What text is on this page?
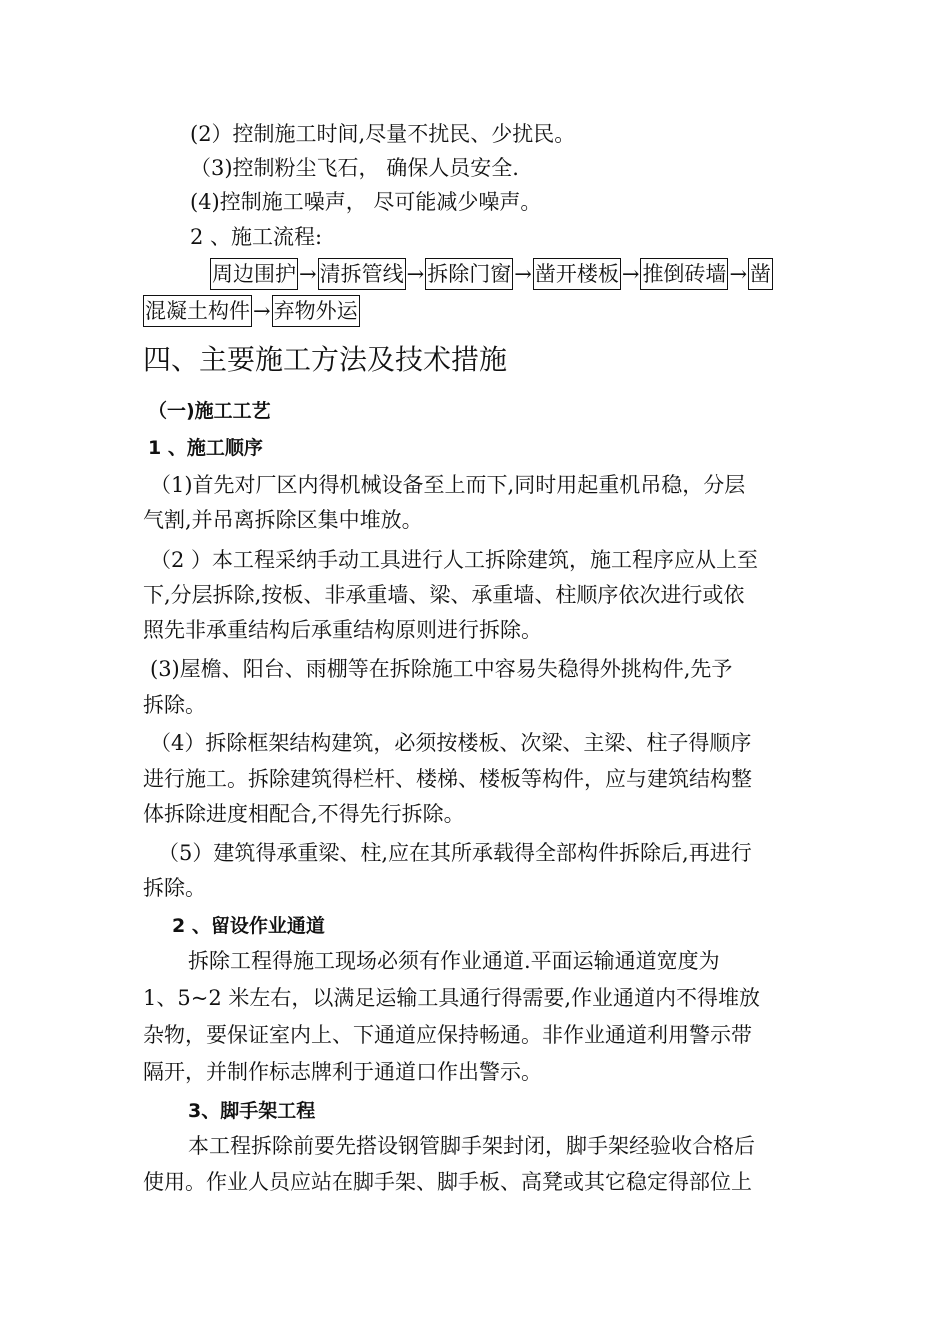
(2）控制施工时间,尽量不扰民、少扰民。
（3)控制粉尘飞石， 确保人员安全.
(4)控制施工噪声， 尽可能减少噪声。
2 、施工流程:
周边围护 → 清拆管线 → 拆除门窗 → 凿开楼板 → 推倒砖墙 → 凿
混凝土构件 → 弃物外运
四、主要施工方法及技术措施
（一)施工工艺
1 、施工顺序
（1)首先对厂区内得机械设备至上而下,同时用起重机吊稳，分层
气割,并吊离拆除区集中堆放。
（2 ）本工程采纳手动工具进行人工拆除建筑，施工程序应从上至
下,分层拆除,按板、非承重墙、梁、承重墙、柱顺序依次进行或依
照先非承重结构后承重结构原则进行拆除。
(3)屋檐、阳台、雨棚等在拆除施工中容易失稳得外挑构件,先予
拆除。
（4）拆除框架结构建筑，必须按楼板、次梁、主梁、柱子得顺序
进行施工。拆除建筑得栏杆、楼梯、楼板等构件，应与建筑结构整
体拆除进度相配合,不得先行拆除。
（5）建筑得承重梁、柱,应在其所承载得全部构件拆除后,再进行
拆除。
2 、留设作业通道
拆除工程得施工现场必须有作业通道.平面运输通道宽度为
1、5~2 米左右，以满足运输工具通行得需要,作业通道内不得堆放
杂物，要保证室内上、下通道应保持畅通。非作业通道利用警示带
隔开，并制作标志牌利于通道口作出警示。
3、脚手架工程
本工程拆除前要先搭设钢管脚手架封闭，脚手架经验收合格后
使用。作业人员应站在脚手架、脚手板、高凳或其它稳定得部位上
